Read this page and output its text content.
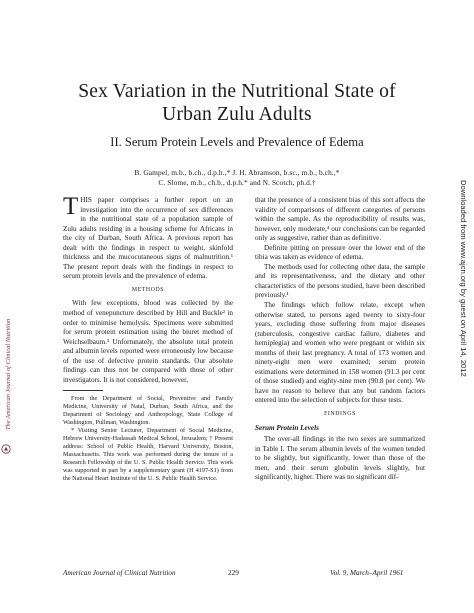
Sex Variation in the Nutritional State of
Urban Zulu Adults
II. Serum Protein Levels and Prevalence of Edema
B. Gampel, m.b., b.ch., d.p.h.,* J. H. Abramson, b.sc., m.b., b.ch.,*
C. Slome, m.b., ch.b., d.p.h.* and N. Scotch, ph.d.†

THIS paper comprises a further report on an investigation into the occurrence of sex differences in the nutritional state of a population sample of Zulu adults residing in a housing scheme for Africans in the city of Durban, South Africa. A previous report has dealt with the findings in respect to weight, skinfold thickness and the mucocutaneous signs of malnutrition.¹ The present report deals with the findings in respect to serum protein levels and the prevalence of edema.

METHODS

With few exceptions, blood was collected by the method of venepuncture described by Hill and Buckle² in order to minimise hemolysis. Specimens were submitted for serum protein estimation using the biuret method of Weichselbaum.³ Unfortunately, the absolute total protein and albumin levels reported were erroneously low because of the use of defective protein standards. Our absolute findings can thus not be compared with those of other investigators. It is not considered, however,

From the Department of Social, Preventive and Family Medicine, University of Natal, Durban, South Africa, and the Department of Sociology and Anthropology, State College of Washington, Pullman, Washington.

* Visiting Senior Lecturer, Department of Social Medicine, Hebrew University-Hadassah Medical School, Jerusalem; † Present address: School of Public Health, Harvard University, Boston, Massachusetts. This work was performed during the tenure of a Research Fellowship of the U. S. Public Health Service. This work was supported in part by a supplementary grant (H 4197-S1) from the National Heart Institute of the U. S. Public Health Service.

that the presence of a consistent bias of this sort affects the validity of comparisons of different categories of persons within the sample. As the reproducibility of results was, however, only moderate,⁴ our conclusions can be regarded only as suggestive, rather than as definitive.

Definite pitting on pressure over the lower end of the tibia was taken as evidence of edema.

The methods used for collecting other data, the sample and its representativeness, and the dietary and other characteristics of the persons studied, have been described previously.¹

The findings which follow relate, except when otherwise stated, to persons aged twenty to sixty-four years, excluding those suffering from major diseases (tuberculosis, congestive cardiac failure, diabetes and hemiplegia) and women who were pregnant or within six months of their last pregnancy. A total of 173 women and ninety-eight men were examined; serum protein estimations were determined in 158 women (91.3 per cent of those studied) and eighty-nine men (90.8 per cent). We have no reason to believe that any but random factors entered into the selection of subjects for these tests.

FINDINGS
Serum Protein Levels

The over-all findings in the two sexes are summarized in Table I. The serum albumin levels of the women tended to be slightly, but significantly, lower than those of the men, and their serum globulin levels slightly, but significantly, higher. There was no significant dif-

American Journal of Clinical Nutrition	229	Vol. 9, March–April 1961
The American Journal of Clinical Nutrition	Downloaded from www.ajcn.org by guest on April 14, 2012
